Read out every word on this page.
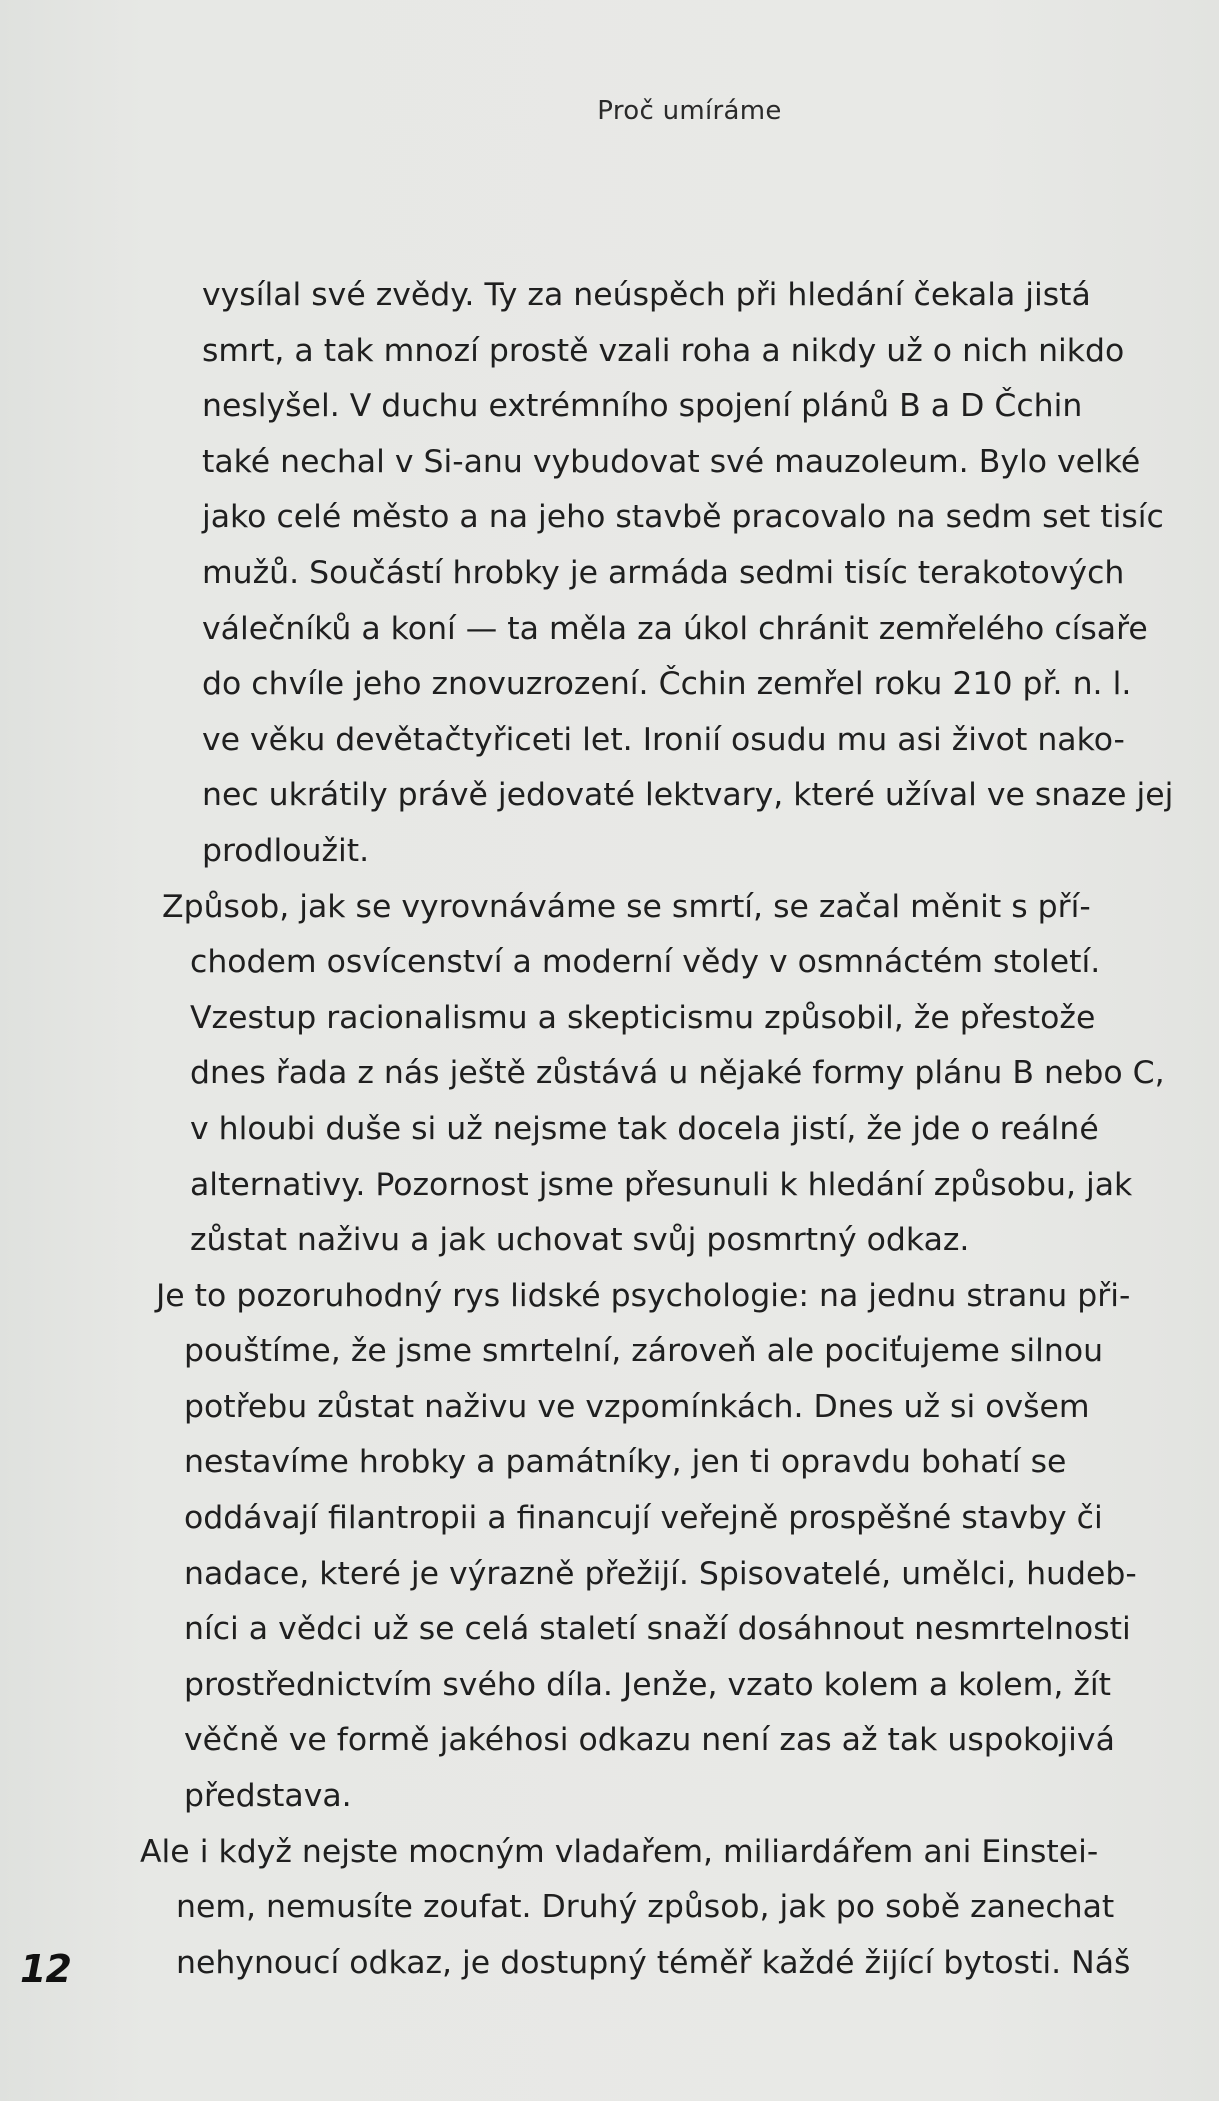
Proč umíráme
vysílal své zvědy. Ty za neúspěch při hledání čekala jistá
smrt, a tak mnozí prostě vzali roha a nikdy už o nich nikdo
neslyšel. V duchu extrémního spojení plánů B a D Čchin
také nechal v Si-anu vybudovat své mauzoleum. Bylo velké
jako celé město a na jeho stavbě pracovalo na sedm set tisíc
mužů. Součástí hrobky je armáda sedmi tisíc terakotových
válečníků a koní — ta měla za úkol chránit zemřelého císaře
do chvíle jeho znovuzrození. Čchin zemřel roku 210 př. n. l.
ve věku devětačtyřiceti let. Ironií osudu mu asi život nako-
nec ukrátily právě jedovaté lektvary, které užíval ve snaze jej
prodloužit.
Způsob, jak se vyrovnáváme se smrtí, se začal měnit s pří-
chodem osvícenství a moderní vědy v osmnáctém století.
Vzestup racionalismu a skepticismu způsobil, že přestože
dnes řada z nás ještě zůstává u nějaké formy plánu B nebo C,
v hloubi duše si už nejsme tak docela jistí, že jde o reálné
alternativy. Pozornost jsme přesunuli k hledání způsobu, jak
zůstat naživu a jak uchovat svůj posmrtný odkaz.
Je to pozoruhodný rys lidské psychologie: na jednu stranu při-
pouštíme, že jsme smrtelní, zároveň ale pociťujeme silnou
potřebu zůstat naživu ve vzpomínkách. Dnes už si ovšem
nestavíme hrobky a památníky, jen ti opravdu bohatí se
oddávají filantropii a financují veřejně prospěšné stavby či
nadace, které je výrazně přežijí. Spisovatelé, umělci, hudeb-
níci a vědci už se celá staletí snaží dosáhnout nesmrtelnosti
prostřednictvím svého díla. Jenže, vzato kolem a kolem, žít
věčně ve formě jakéhosi odkazu není zas až tak uspokojivá
představa.
Ale i když nejste mocným vladařem, miliardářem ani Einstei-
nem, nemusíte zoufat. Druhý způsob, jak po sobě zanechat
nehynoucí odkaz, je dostupný téměř každé žijící bytosti. Náš
12
